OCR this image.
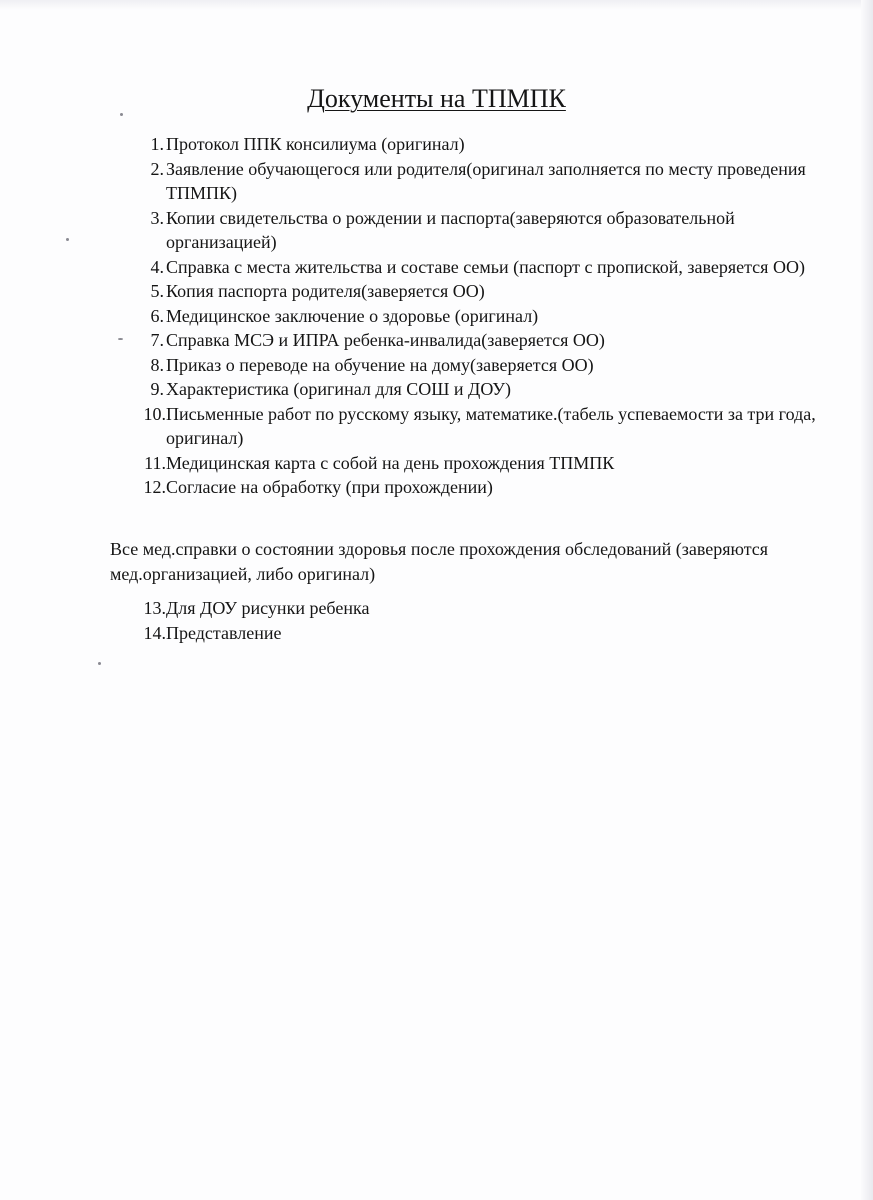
Документы на ТПМПК
1. Протокол ППК консилиума (оригинал)
2. Заявление обучающегося или родителя(оригинал заполняется по месту проведения ТПМПК)
3. Копии свидетельства о рождении и паспорта(заверяются образовательной организацией)
4. Справка с места жительства и составе семьи (паспорт с пропиской, заверяется ОО)
5. Копия паспорта родителя(заверяется ОО)
6. Медицинское заключение о здоровье (оригинал)
7. Справка МСЭ и ИПРА ребенка-инвалида(заверяется ОО)
8. Приказ о переводе на обучение на дому(заверяется ОО)
9. Характеристика (оригинал для СОШ и ДОУ)
10. Письменные работ по русскому языку, математике.(табель успеваемости за три года, оригинал)
11. Медицинская карта с собой на день прохождения ТПМПК
12. Согласие на обработку (при прохождении)
Все мед.справки о состоянии здоровья после прохождения обследований (заверяются мед.организацией, либо оригинал)
13. Для ДОУ рисунки ребенка
14. Представление
